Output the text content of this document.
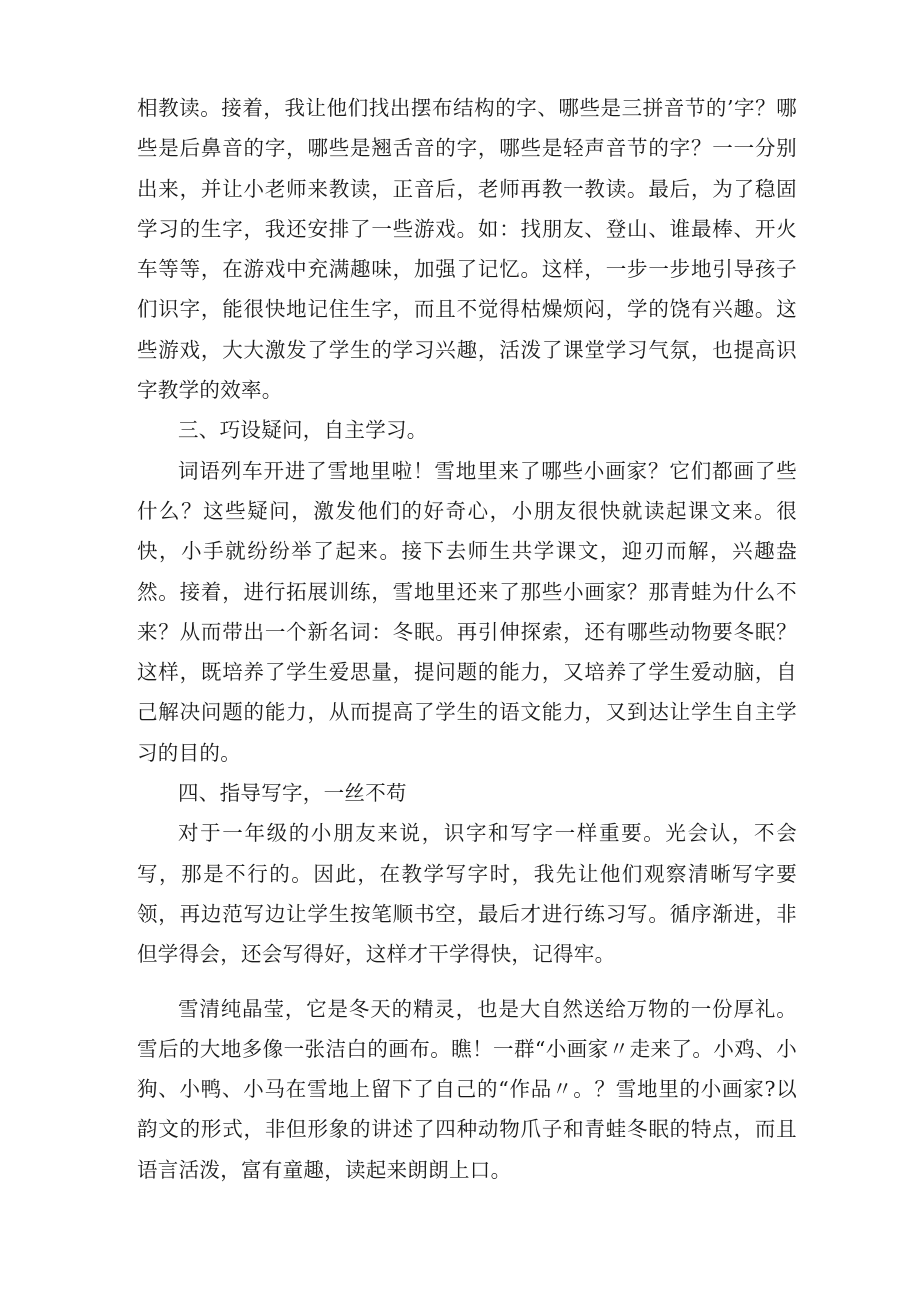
相教读。接着，我让他们找出摆布结构的字、哪些是三拼音节的’字？哪些是后鼻音的字，哪些是翘舌音的字，哪些是轻声音节的字？一一分别出来，并让小老师来教读，正音后，老师再教一教读。最后，为了稳固学习的生字，我还安排了一些游戏。如：找朋友、登山、谁最棒、开火车等等，在游戏中充满趣味，加强了记忆。这样，一步一步地引导孩子们识字，能很快地记住生字，而且不觉得枯燥烦闷，学的饶有兴趣。这些游戏，大大激发了学生的学习兴趣，活泼了课堂学习气氛，也提高识字教学的效率。

三、巧设疑问，自主学习。

词语列车开进了雪地里啦！雪地里来了哪些小画家？它们都画了些什么？这些疑问，激发他们的好奇心，小朋友很快就读起课文来。很快，小手就纷纷举了起来。接下去师生共学课文，迎刃而解，兴趣盎然。接着，进行拓展训练，雪地里还来了那些小画家？那青蛙为什么不来？从而带出一个新名词：冬眠。再引伸探索，还有哪些动物要冬眠？这样，既培养了学生爱思量，提问题的能力，又培养了学生爱动脑，自己解决问题的能力，从而提高了学生的语文能力，又到达让学生自主学习的目的。

四、指导写字，一丝不苟

对于一年级的小朋友来说，识字和写字一样重要。光会认，不会写，那是不行的。因此，在教学写字时，我先让他们观察清晰写字要领，再边范写边让学生按笔顺书空，最后才进行练习写。循序渐进，非但学得会，还会写得好，这样才干学得快，记得牢。

雪清纯晶莹，它是冬天的精灵，也是大自然送给万物的一份厚礼。雪后的大地多像一张洁白的画布。瞧！一群“小画家〃走来了。小鸡、小狗、小鸭、小马在雪地上留下了自己的“作品〃。？雪地里的小画家?以韵文的形式，非但形象的讲述了四种动物爪子和青蛙冬眠的特点，而且语言活泼，富有童趣，读起来朗朗上口。
